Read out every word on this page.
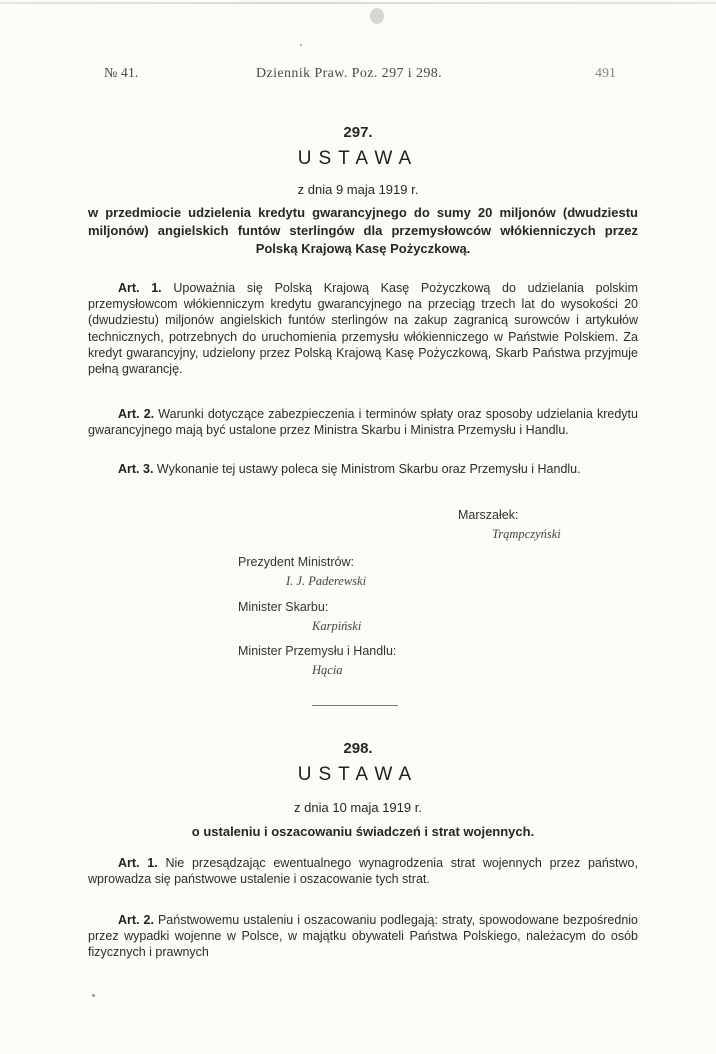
№ 41.	Dziennik Praw. Poz. 297 i 298.	491
297.
USTAWA
z dnia 9 maja 1919 r.
w przedmiocie udzielenia kredytu gwarancyjnego do sumy 20 miljonów (dwudziestu miljonów) angielskich funtów sterlingów dla przemysłowców włókienniczych przez Polską Krajową Kasę Pożyczkową.

Art. 1. Upoważnia się Polską Krajową Kasę Pożyczkową do udzielania polskim przemysłowcom włókienniczym kredytu gwarancyjnego na przeciąg trzech lat do wysokości 20 (dwudziestu) miljonów angielskich funtów sterlingów na zakup zagranicą surowców i artykułów technicznych, potrzebnych do uruchomienia przemysłu włókienniczego w Państwie Polskiem. Za kredyt gwarancyjny, udzielony przez Polską Krajową Kasę Pożyczkową, Skarb Państwa przyjmuje pełną gwarancję.

Art. 2. Warunki dotyczące zabezpieczenia i terminów spłaty oraz sposoby udzielania kredytu gwarancyjnego mają być ustalone przez Ministra Skarbu i Ministra Przemysłu i Handlu.

Art. 3. Wykonanie tej ustawy poleca się Ministrom Skarbu oraz Przemysłu i Handlu.

Marszałek:
Trąmpczyński
Prezydent Ministrów:
I. J. Paderewski
Minister Skarbu:
Karpiński
Minister Przemysłu i Handlu:
Hącia
298.
USTAWA
z dnia 10 maja 1919 r.
o ustaleniu i oszacowaniu świadczeń i strat wojennych.

Art. 1. Nie przesądzając ewentualnego wynagrodzenia strat wojennych przez państwo, wprowadza się państwowe ustalenie i oszacowanie tych strat.

Art. 2. Państwowemu ustaleniu i oszacowaniu podlegają: straty, spowodowane bezpośrednio przez wypadki wojenne w Polsce, w majątku obywateli Państwa Polskiego, należacym do osób fizycznych i prawnych
